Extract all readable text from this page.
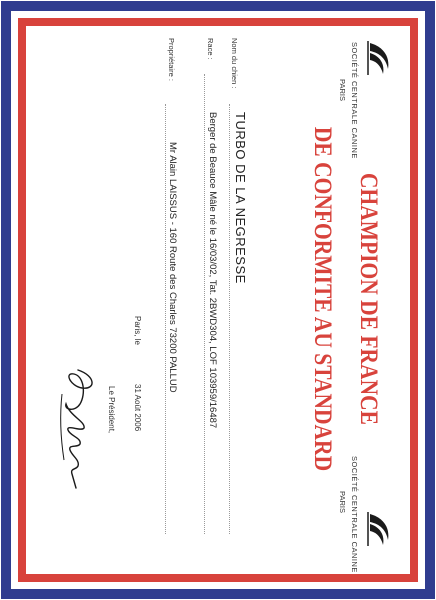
SOCIÉTÉ CENTRALE CANINE
PARIS
SOCIÉTÉ CENTRALE CANINE
PARIS
CHAMPION DE FRANCE
DE CONFORMITE AU STANDARD
Nom du chien :
TURBO DE LA NEGRESSE
Race :
Berger de Beauce Mâle né le 16/03/02, Tat. 2BWD304, LOF 103959/16487
Propriétaire :
Mr Alain LAISSUS - 160 Route des Charles 73200 PALLUD
Paris, le
31 Août 2006
Le Président,
